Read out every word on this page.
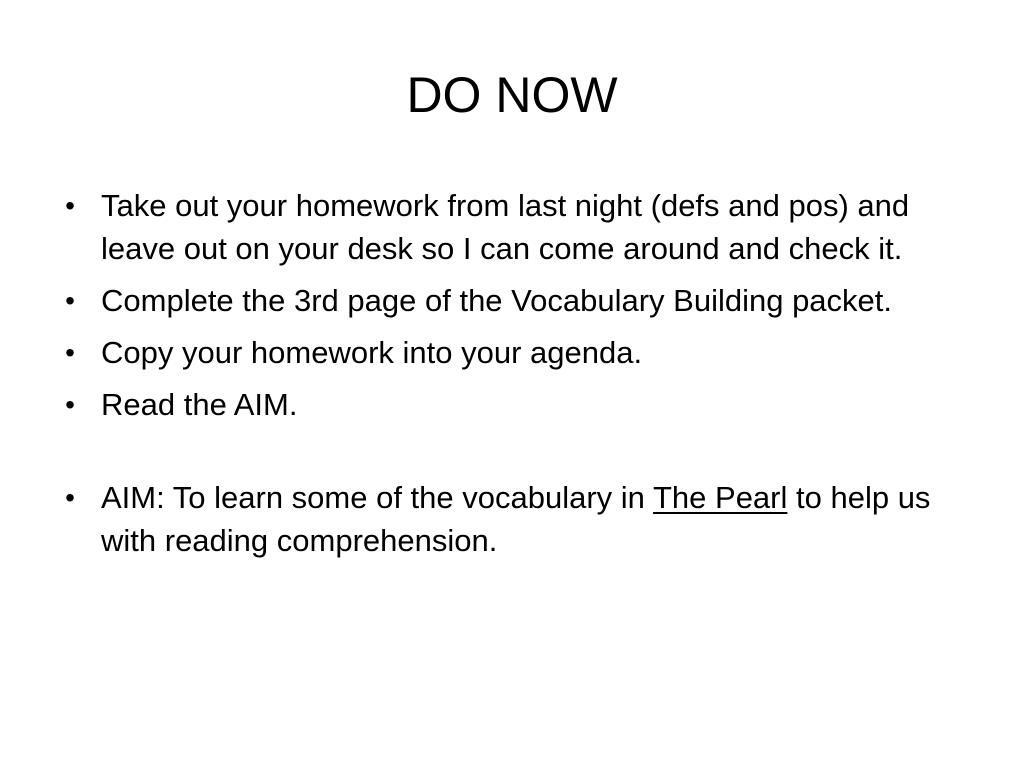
DO NOW
• Take out your homework from last night (defs and pos) and leave out on your desk so I can come around and check it.
• Complete the 3rd page of the Vocabulary Building packet.
• Copy your homework into your agenda.
• Read the AIM.
• AIM: To learn some of the vocabulary in The Pearl to help us with reading comprehension.
